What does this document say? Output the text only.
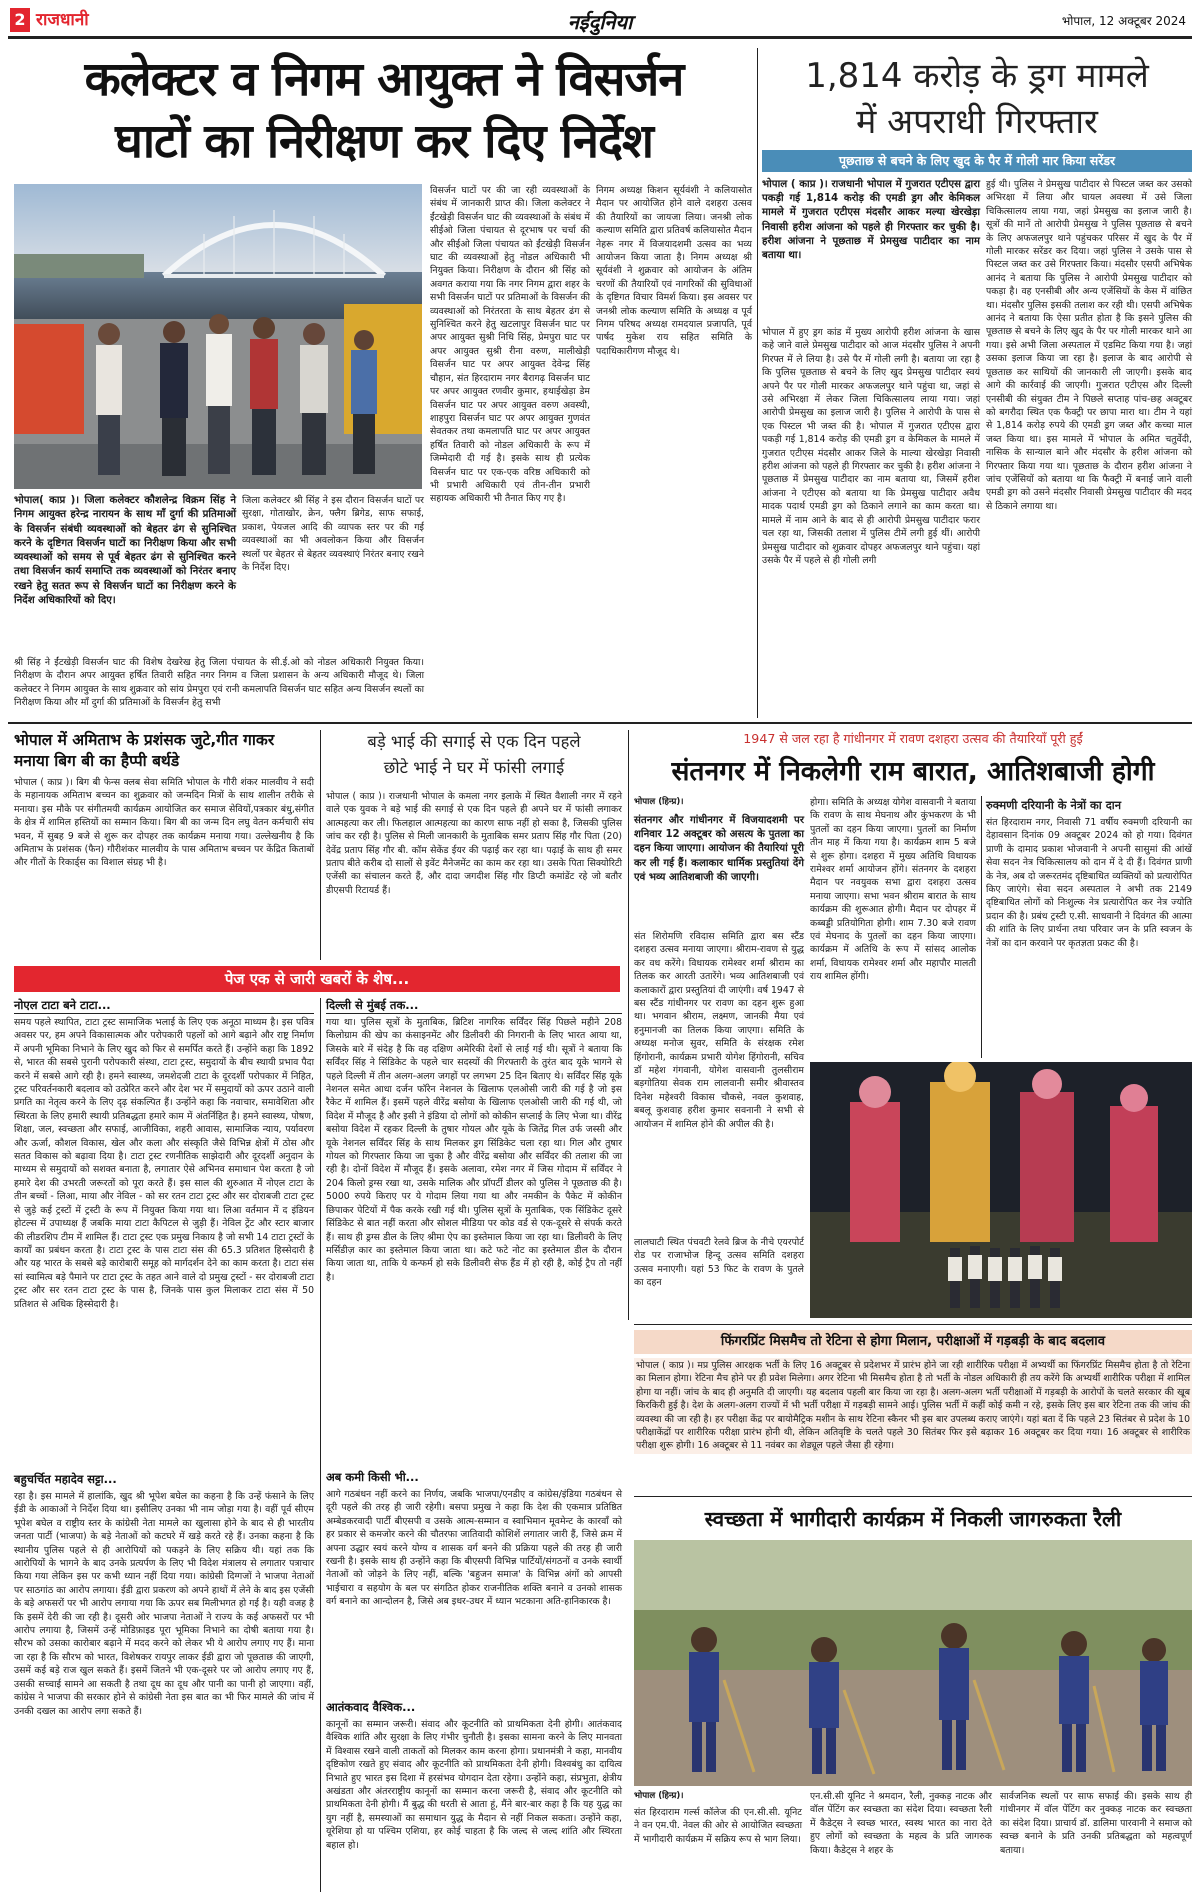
2 राजधानी	नईदुनिया	भोपाल, 12 अक्टूबर 2024
कलेक्टर व निगम आयुक्त ने विसर्जन
घाटों का निरीक्षण कर दिए निर्देश
भोपाल( काप्र )। जिला कलेक्टर कौशलेन्द्र विक्रम सिंह ने निगम आयुक्त हरेन्द्र नारायन के साथ माँ दुर्गा की प्रतिमाओं के विसर्जन संबंधी व्यवस्थाओं को बेहतर ढंग से सुनिश्चित करने के दृष्टिगत विसर्जन घाटों का निरीक्षण किया और सभी व्यवस्थाओं को समय से पूर्व बेहतर ढंग से सुनिश्चित करने तथा विसर्जन कार्य समाप्ति तक व्यवस्थाओं को निरंतर बनाए रखने हेतु सतत रूप से विसर्जन घाटों का निरीक्षण करने के निर्देश अधिकारियों को दिए।
जिला कलेक्टर श्री सिंह ने इस दौरान विसर्जन घाटों पर सुरक्षा, गोताखोर, क्रेन, फ्लैग ब्रिगेड, साफ सफाई, प्रकाश, पेयजल आदि की व्यापक स्तर पर की गई व्यवस्थाओं का भी अवलोकन किया और विसर्जन स्थलों पर बेहतर से बेहतर व्यवस्थाएं निरंतर बनाए रखने के निर्देश दिए।
श्री सिंह ने ईंटखेड़ी विसर्जन घाट की विशेष देखरेख हेतु जिला पंचायत के सी.ई.ओ को नोडल अधिकारी नियुक्त किया। निरीक्षण के दौरान अपर आयुक्त हर्षित तिवारी सहित नगर निगम व जिला प्रशासन के अन्य अधिकारी मौजूद थे। जिला कलेक्टर ने निगम आयुक्त के साथ शुक्रवार को सांय प्रेमपुरा एवं रानी कमलापति विसर्जन घाट सहित अन्य विसर्जन स्थलों का निरीक्षण किया और माँ दुर्गा की प्रतिमाओं के विसर्जन हेतु सभी
विसर्जन घाटों पर की जा रही व्यवस्थाओं के संबंध में जानकारी प्राप्त की। जिला कलेक्टर ने ईंटखेड़ी विसर्जन घाट की व्यवस्थाओं के संबंध में सीईओ जिला पंचायत से दूरभाष पर चर्चा की और सीईओ जिला पंचायत को ईंटखेड़ी विसर्जन घाट की व्यवस्थाओं हेतु नोडल अधिकारी भी नियुक्त किया। निरीक्षण के दौरान श्री सिंह को अवगत कराया गया कि नगर निगम द्वारा शहर के सभी विसर्जन घाटों पर प्रतिमाओं के विसर्जन की व्यवस्थाओं को निरंतरता के साथ बेहतर ढंग से सुनिश्चित करने हेतु खटलापुर विसर्जन घाट पर अपर आयुक्त सुश्री निधि सिंह, प्रेमपुरा घाट पर अपर आयुक्त सुश्री रीना वरुण, मालीखेड़ी विसर्जन घाट पर अपर आयुक्त देवेन्द्र सिंह चौहान, संत हिरदाराम नगर बैरागढ़ विसर्जन घाट पर अपर आयुक्त रणवीर कुमार, हथाईखेड़ा डेम विसर्जन घाट पर अपर आयुक्त वरुण अवस्थी, शाहपुरा विसर्जन घाट पर अपर आयुक्त गुणवंत सेवतकर तथा कमलापति घाट पर अपर आयुक्त हर्षित तिवारी को नोडल अधिकारी के रूप में जिम्मेदारी दी गई है। इसके साथ ही प्रत्येक विसर्जन घाट पर एक-एक वरिष्ठ अधिकारी को भी प्रभारी अधिकारी एवं तीन-तीन प्रभारी सहायक अधिकारी भी तैनात किए गए है।
निगम अध्यक्ष किशन सूर्यवंशी ने कलियासोत मैदान पर आयोजित होने वाले दशहरा उत्सव की तैयारियों का जायजा लिया। जनश्री लोक कल्याण समिति द्वारा प्रतिवर्ष कलियासोत मैदान नेहरू नगर में विजयादशमी उत्सव का भव्य आयोजन किया जाता है। निगम अध्यक्ष श्री सूर्यवंशी ने शुक्रवार को आयोजन के अंतिम चरणों की तैयारियों एवं नागरिकों की सुविधाओं के दृष्टिगत विचार विमर्श किया। इस अवसर पर जनश्री लोक कल्याण समिति के अध्यक्ष व पूर्व निगम परिषद अध्यक्ष रामदयाल प्रजापति, पूर्व पार्षद मुकेश राय सहित समिति के पदाधिकारीगण मौजूद थे।
1,814 करोड़ के ड्रग मामले
में अपराधी गिरफ्तार
पूछताछ से बचने के लिए खुद के पैर में गोली मार किया सरेंडर
भोपाल ( काप्र )। राजधानी भोपाल में गुजरात एटीएस द्वारा पकड़ी गई 1,814 करोड़ की एमडी ड्रग और केमिकल मामले में गुजरात एटीएस मंदसौर आकर मल्या खेरखेड़ा निवासी हरीश आंजना को पहले ही गिरफ्तार कर चुकी है। हरीश आंजना ने पूछताछ में प्रेमसुख पाटीदार का नाम बताया था।
भोपाल में हुए ड्रग कांड में मुख्य आरोपी हरीश आंजना के खास कहे जाने वाले प्रेमसुख पाटीदार को आज मंदसौर पुलिस ने अपनी गिरफ्त में ले लिया है। उसे पैर में गोली लगी है। बताया जा रहा है कि पुलिस पूछताछ से बचने के लिए खुद प्रेमसुख पाटीदार स्वयं अपने पैर पर गोली मारकर अफजलपुर थाने पहुंचा था, जहां से उसे अभिरक्षा में लेकर जिला चिकित्सालय लाया गया। जहां आरोपी प्रेमसुख का इलाज जारी है। पुलिस ने आरोपी के पास से एक पिस्टल भी जब्त की है। भोपाल में गुजरात एटीएस द्वारा पकड़ी गई 1,814 करोड़ की एमडी ड्रग व केमिकल के मामले में गुजरात एटीएस मंदसौर आकर जिले के माल्या खेरखेड़ा निवासी हरीश आंजना को पहले ही गिरफ्तार कर चुकी है। हरीश आंजना ने पूछताछ में प्रेमसुख पाटीदार का नाम बताया था, जिसमें हरीश आंजना ने एटीएस को बताया था कि प्रेमसुख पाटीदार अवैध मादक पदार्थ एमडी ड्रग को ठिकाने लगाने का काम करता था। मामले में नाम आने के बाद से ही आरोपी प्रेमसुख पाटीदार फरार चल रहा था, जिसकी तलाश में पुलिस टीमें लगी हुई थीं। आरोपी प्रेमसुख पाटीदार को शुक्रवार दोपहर अफजलपुर थाने पहुंचा। यहां उसके पैर में पहले से ही गोली लगी
हुई थी। पुलिस ने प्रेमसुख पाटीदार से पिस्टल जब्त कर उसको अभिरक्षा में लिया और घायल अवस्था में उसे जिला चिकित्सालय लाया गया, जहां प्रेमसुख का इलाज जारी है। सूत्रों की मानें तो आरोपी प्रेमसुख ने पुलिस पूछताछ से बचने के लिए अफजलपुर थाने पहुंचकर परिसर में खुद के पैर में गोली मारकर सरेंडर कर दिया। जहां पुलिस ने उसके पास से पिस्टल जब्त कर उसे गिरफ्तार किया। मंदसौर एसपी अभिषेक आनंद ने बताया कि पुलिस ने आरोपी प्रेमसुख पाटीदार को पकड़ा है। वह एनसीबी और अन्य एजेंसियों के केस में वांछित था। मंदसौर पुलिस इसकी तलाश कर रही थी। एसपी अभिषेक आनंद ने बताया कि ऐसा प्रतीत होता है कि इसने पुलिस की पूछताछ से बचने के लिए खुद के पैर पर गोली मारकर थाने आ गया। इसे अभी जिला अस्पताल में एडमिट किया गया है। जहां उसका इलाज किया जा रहा है। इलाज के बाद आरोपी से पूछताछ कर साथियों की जानकारी ली जाएगी। इसके बाद आगे की कार्रवाई की जाएगी। गुजरात एटीएस और दिल्ली एनसीबी की संयुक्त टीम ने पिछले सप्ताह पांच-छह अक्टूबर को बगरौदा स्थित एक फैक्ट्री पर छापा मारा था। टीम ने यहां से 1,814 करोड़ रुपये की एमडी ड्रग जब्त और कच्चा माल जब्त किया था। इस मामले में भोपाल के अमित चतुर्वेदी, नासिक के सान्याल बाने और मंदसौर के हरीश आंजना को गिरफ्तार किया गया था। पूछताछ के दौरान हरीश आंजना ने जांच एजेंसियों को बताया था कि फैक्ट्री में बनाई जाने वाली एमडी ड्रग को उसने मंदसौर निवासी प्रेमसुख पाटीदार की मदद से ठिकाने लगाया था।
भोपाल में अमिताभ के प्रशंसक जुटे,गीत गाकर मनाया बिग बी का हैप्पी बर्थडे
भोपाल ( काप्र )। बिग बी फेन्स क्लब सेवा समिति भोपाल के गौरी शंकर मालवीय ने सदी के महानायक अमिताभ बच्चन का शुक्रवार को जन्मदिन मित्रों के साथ शालीन तरीके से मनाया। इस मौके पर संगीतमयी कार्यक्रम आयोजित कर समाज सेवियों,पत्रकार बंधु,संगीत के क्षेत्र में शामिल हस्तियों का सम्मान किया। बिग बी का जन्म दिन लघु वेतन कर्मचारी संघ भवन, में सुबह 9 बजे से शुरू कर दोपहर तक कार्यक्रम मनाया गया। उल्लेखनीय है कि अमिताभ के प्रशंसक (फैन) गौरीशंकर मालवीय के पास अमिताभ बच्चन पर केंद्रित किताबों और गीतों के रिकार्ड्स का विशाल संग्रह भी है।
बड़े भाई की सगाई से एक दिन पहले
छोटे भाई ने घर में फांसी लगाई
भोपाल ( काप्र )। राजधानी भोपाल के कमला नगर इलाके में स्थित वैशाली नगर में रहने वाले एक युवक ने बड़े भाई की सगाई से एक दिन पहले ही अपने घर में फांसी लगाकर आत्महत्या कर ली। फिलहाल आत्महत्या का कारण साफ नहीं हो सका है, जिसकी पुलिस जांच कर रही है। पुलिस से मिली जानकारी के मुताबिक समर प्रताप सिंह गौर पिता (20) देवेंद्र प्रताप सिंह गौर बी. कॉम सेकेंड ईयर की पढ़ाई कर रहा था। पढ़ाई के साथ ही समर प्रताप बीते करीब दो सालों से इवेंट मैनेजमेंट का काम कर रहा था। उसके पिता सिक्योरिटी एजेंसी का संचालन करते हैं, और दादा जगदीश सिंह गौर डिप्टी कमांडेंट रहे जो बतौर डीएसपी रिटायर्ड हैं।
पेज एक से जारी खबरों के शेष...
नोएल टाटा बने टाटा...
समय पहले स्थापित, टाटा ट्रस्ट सामाजिक भलाई के लिए एक अनूठा माध्यम है। इस पवित्र अवसर पर, हम अपने विकासात्मक और परोपकारी पहलों को आगे बढ़ाने और राष्ट्र निर्माण में अपनी भूमिका निभाने के लिए खुद को फिर से समर्पित करते हैं। उन्होंने कहा कि 1892 से, भारत की सबसे पुरानी परोपकारी संस्था, टाटा ट्रस्ट, समुदायों के बीच स्थायी प्रभाव पैदा करने में सबसे आगे रही है। हमने स्वास्थ्य, जमशेदजी टाटा के दूरदर्शी परोपकार में निहित, ट्रस्ट परिवर्तनकारी बदलाव को उत्प्रेरित करने और देश भर में समुदायों को ऊपर उठाने वाली प्रगति का नेतृत्व करने के लिए दृढ़ संकल्पित हैं। उन्होंने कहा कि नवाचार, समावेशिता और स्थिरता के लिए हमारी स्थायी प्रतिबद्धता हमारे काम में अंतर्निहित है। हमने स्वास्थ्य, पोषण, शिक्षा, जल, स्वच्छता और सफाई, आजीविका, शहरी आवास, सामाजिक न्याय, पर्यावरण और ऊर्जा, कौशल विकास, खेल और कला और संस्कृति जैसे विभिन्न क्षेत्रों में ठोस और सतत विकास को बढ़ावा दिया है। टाटा ट्रस्ट रणनीतिक साझेदारी और दूरदर्शी अनुदान के माध्यम से समुदायों को सशक्त बनाता है, लगातार ऐसे अभिनव समाधान पेश करता है जो हमारे देश की उभरती जरूरतों को पूरा करते हैं। इस साल की शुरुआत में नोएल टाटा के तीन बच्चों - लिआ, माया और नेविल - को सर रतन टाटा ट्रस्ट और सर दोराबजी टाटा ट्रस्ट से जुड़े कई ट्रस्टों में ट्रस्टी के रूप में नियुक्त किया गया था। लिआ वर्तमान में द इंडियन होटल्स में उपाध्यक्ष हैं जबकि माया टाटा कैपिटल से जुड़ी हैं। नेविल ट्रेंट और स्टार बाजार की लीडरशिप टीम में शामिल हैं। टाटा ट्रस्ट एक प्रमुख निकाय है जो सभी 14 टाटा ट्रस्टों के कार्यों का प्रबंधन करता है। टाटा ट्रस्ट के पास टाटा संस की 65.3 प्रतिशत हिस्सेदारी है और यह भारत के सबसे बड़े कारोबारी समूह को मार्गदर्शन देने का काम करता है। टाटा संस सां स्वामित्व बड़े पैमाने पर टाटा ट्रस्ट के तहत आने वाले दो प्रमुख ट्रस्टों - सर दोराबजी टाटा ट्रस्ट और सर रतन टाटा ट्रस्ट के पास है, जिनके पास कुल मिलाकर टाटा संस में 50 प्रतिशत से अधिक हिस्सेदारी है।
बहुचर्चित महादेव सट्टा...
रहा है। इस मामले में हालांकि, खुद श्री भूपेश बघेल का कहना है कि उन्हें फंसाने के लिए ईडी के आकाओं ने निर्देश दिया था। इसीलिए उनका भी नाम जोड़ा गया है। वहीं पूर्व सीएम भूपेश बघेल व राष्ट्रीय स्तर के कांग्रेसी नेता मामले का खुलासा होने के बाद से ही भारतीय जनता पार्टी (भाजपा) के बड़े नेताओं को कटघरे में खड़े करते रहे हैं। उनका कहना है कि स्थानीय पुलिस पहले से ही आरोपियों को पकड़ने के लिए सक्रिय थी। यहां तक कि आरोपियों के भागने के बाद उनके प्रत्यर्पण के लिए भी विदेश मंत्रालय से लगातार पत्राचार किया गया लेकिन इस पर कभी ध्यान नहीं दिया गया। कांग्रेसी दिग्गजों ने भाजपा नेताओं पर साठगांठ का आरोप लगाया। ईडी द्वारा प्रकरण को अपने हाथों में लेने के बाद इस एजेंसी के बड़े अफसरों पर भी आरोप लगाया गया कि ऊपर सब मिलीभगत हो गई है। यही वजह है कि इसमें देरी की जा रही है। दूसरी ओर भाजपा नेताओं ने राज्य के कई अफसरों पर भी आरोप लगाया है, जिसमें उन्हें मोडिफ़ाइड पूरा भूमिका निभाने का दोषी बताया गया है। सौरभ को उसका कारोबार बढ़ाने में मदद करने को लेकर भी ये आरोप लगाए गए हैं। माना जा रहा है कि सौरभ को भारत, विशेषकर रायपुर लाकर ईडी द्वारा जो पूछताछ की जाएगी, उसमें कई बड़े राज खुल सकते हैं। इसमें जितने भी एक-दूसरे पर जो आरोप लगाए गए हैं, उसकी सच्चाई सामने आ सकती है तथा दूध का दूध और पानी का पानी हो जाएगा। वहीं, कांग्रेस ने भाजपा की सरकार होने से कांग्रेसी नेता इस बात का भी फिर मामले की जांच में उनकी दखल का आरोप लगा सकते हैं।
दिल्ली से मुंबई तक...
गया था। पुलिस सूत्रों के मुताबिक, ब्रिटिश नागरिक सर्विंदर सिंह पिछले महीने 208 किलोग्राम की खेप का कंसाइनमेंट और डिलीवरी की निगरानी के लिए भारत आया था, जिसके बारे में संदेह है कि वह दक्षिण अमेरिकी देशों से लाई गई थी। सूत्रों ने बताया कि सर्विंदर सिंह ने सिंडिकेट के पहले चार सदस्यों की गिरफ्तारी के तुरंत बाद यूके भागने से पहले दिल्ली में तीन अलग-अलग जगहों पर लगभग 25 दिन बिताए थे। सर्विंदर सिंह यूके नेशनल समेत आधा दर्जन फॉरेन नेशनल के खिलाफ एलओसी जारी की गई है जो इस रैकेट में शामिल हैं। इसमें पहले वीरेंद्र बसोया के खिलाफ एलओसी जारी की गई थी, जो विदेश में मौजूद है और इसी ने इंडिया दो लोगों को कोकीन सप्लाई के लिए भेजा था। वीरेंद्र बसोया विदेश में रहकर दिल्ली के तुषार गोयल और यूके के जितेंद्र गिल उर्फ जस्सी और यूके नेशनल सर्विंदर सिंह के साथ मिलकर ड्रग सिंडिकेट चला रहा था। गिल और तुषार गोयल को गिरफ्तार किया जा चुका है और वीरेंद्र बसोया और सर्विंदर की तलाश की जा रही है। दोनों विदेश में मौजूद हैं। इसके अलावा, रमेश नगर में जिस गोदाम में सर्विंदर ने 204 किलो ड्रग्स रखा था, उसके मालिक और प्रॉपर्टी डीलर को पुलिस ने पूछताछ की है। 5000 रुपये किराए पर ये गोदाम लिया गया था और नमकीन के पैकेट में कोकीन छिपाकर पेटियों में पैक करके रखी गई थी। पुलिस सूत्रों के मुताबिक, एक सिंडिकेट दूसरे सिंडिकेट से बात नहीं करता और सोशल मीडिया पर कोड वर्ड से एक-दूसरे से संपर्क करते हैं। साथ ही ड्रग्स डील के लिए श्रीमा ऐप का इस्तेमाल किया जा रहा था। डिलीवरी के लिए मर्सिडीज़ कार का इस्तेमाल किया जाता था। कटे फटे नोट का इस्तेमाल डील के दौरान किया जाता था, ताकि ये कन्फर्म हो सके डिलीवरी सेफ हैंड में हो रही है, कोई ट्रैप तो नहीं है।
अब कमी किसी भी...
आगे गठबंधन नहीं करने का निर्णय, जबकि भाजपा/एनडीए व कांग्रेस/इंडिया गठबंधन से दूरी पहले की तरह ही जारी रहेगी। बसपा प्रमुख ने कहा कि देश की एकमात्र प्रतिष्ठित अम्बेडकरवादी पार्टी बीएसपी व उसके आत्म-सम्मान व स्वाभिमान मूवमेन्ट के कारवाँ को हर प्रकार से कमजोर करने की चौतरफा जातिवादी कोशिशें लगातार जारी हैं, जिसे क्रम में अपना उद्धार स्वयं करने योग्य व शासक वर्ग बनने की प्रक्रिया पहले की तरह ही जारी रखनी है। इसके साथ ही उन्होंने कहा कि बीएसपी विभिन्न पार्टियों/संगठनों व उनके स्वार्थी नेताओं को जोड़ने के लिए नहीं, बल्कि 'बहुजन समाज' के विभिन्न अंगों को आपसी भाईचारा व सहयोग के बल पर संगठित होकर राजनीतिक शक्ति बनाने व उनको शासक वर्ग बनाने का आन्दोलन है, जिसे अब इधर-उधर में ध्यान भटकाना अति-हानिकारक है।
आतंकवाद वैश्विक...
कानूनों का सम्मान जरूरी। संवाद और कूटनीति को प्राथमिकता देनी होगी। आतंकवाद वैश्विक शांति और सुरक्षा के लिए गंभीर चुनौती है। इसका सामना करने के लिए मानवता में विश्वास रखने वाली ताकतों को मिलकर काम करना होगा। प्रधानमंत्री ने कहा, मानवीय दृष्टिकोण रखते हुए संवाद और कूटनीति को प्राथमिकता देनी होगी। विश्वबंधु का दायित्व निभाते हुए भारत इस दिशा में हरसंभव योगदान देता रहेगा। उन्होंने कहा, संप्रभुता, क्षेत्रीय अखंडता और अंतरराष्ट्रीय कानूनों का सम्मान करना जरूरी है, संवाद और कूटनीति को प्राथमिकता देनी होगी। मैं बुद्ध की धरती से आता हूं, मैंने बार-बार कहा है कि यह युद्ध का युग नहीं है, समस्याओं का समाधान युद्ध के मैदान से नहीं निकल सकता। उन्होंने कहा, यूरेशिया हो या पश्चिम एशिया, हर कोई चाहता है कि जल्द से जल्द शांति और स्थिरता बहाल हो।
1947 से जल रहा है गांधीनगर में रावण दशहरा उत्सव की तैयारियाँ पूरी हुईं
संतनगर में निकलेगी राम बारात, आतिशबाजी होगी
भोपाल (हिन्प्र)।
संतनगर और गांधीनगर में विजयादशमी पर शनिवार 12 अक्टूबर को असत्य के पुतला का दहन किया जाएगा। आयोजन की तैयारियां पूरी कर ली गई हैं। कलाकार धार्मिक प्रस्तुतियां देंगे एवं भव्य आतिशबाजी की जाएगी।
संत शिरोमणि रविदास समिति द्वारा बस स्टैंड दशहरा उत्सव मनाया जाएगा। श्रीराम-रावण से युद्ध कर वध करेंगे। विधायक रामेश्वर शर्मा श्रीराम का तिलक कर आरती उतारेंगे। भव्य आतिशबाजी एवं कलाकारों द्वारा प्रस्तुतियां दी जाएंगी। वर्ष 1947 से बस स्टैंड गांधीनगर पर रावण का दहन शुरू हुआ था। भगवान श्रीराम, लक्ष्मण, जानकी मैया एवं हनुमानजी का तिलक किया जाएगा। समिति के अध्यक्ष मनोज सुवर, समिति के संरक्षक रमेश हिंगोरानी, कार्यक्रम प्रभारी योगेश हिंगोरानी, सचिव डॉ महेश गंगवानी, योगेश वासवानी तुलसीराम बड़गोतिया सेवक राम लालवानी समीर श्रीवास्तव दिनेश महेश्वरी विकास चौकसे, नवल कुशवाह, बबलू कुशवाह हरीश कुमार सवनानी ने सभी से आयोजन में शामिल होने की अपील की है।
लालघाटी स्थित पंचवटी रेलवे ब्रिज के नीचे एयरपोर्ट रोड पर राजाभोज हिन्दू उत्सव समिति दशहरा उत्सव मनाएगी। यहां 53 फिट के रावण के पुतले का दहन
होगा। समिति के अध्यक्ष योगेश वासवानी ने बताया कि रावण के साथ मेघनाथ और कुंभकरण के भी पुतलों का दहन किया जाएगा। पुतलों का निर्माण तीन माह में किया गया है। कार्यक्रम शाम 5 बजे से शुरू होगा। दशहरा में मुख्य अतिथि विधायक रामेश्वर शर्मा आयोजन होंगे। संतनगर के दशहरा मैदान पर नवयुवक सभा द्वारा दशहरा उत्सव मनाया जाएगा। सभा भवन श्रीराम बारात के साथ कार्यक्रम की शुरूआत होगी। मैदान पर दोपहर में कब्बड्डी प्रतियोगिता होगी। शाम 7.30 बजे रावण एवं मेघनाद के पुतलों का दहन किया जाएगा। कार्यक्रम में अतिथि के रूप में सांसद आलोक शर्मा, विधायक रामेश्वर शर्मा और महापौर मालती राय शामिल होंगी।
रुक्मणी दरियानी के नेत्रों का दान
संत हिरदाराम नगर, निवासी 71 वर्षीय रुक्मणी दरियानी का देहावसान दिनांक 09 अक्टूबर 2024 को हो गया। दिवंगत प्राणी के दामाद प्रकाश भोजवानी ने अपनी सासुमां की आंखें सेवा सदन नेत्र चिकित्सालय को दान में दे दी हैं। दिवंगत प्राणी के नेत्र, अब दो जरूरतमंद दृष्टिबाधित व्यक्तियों को प्रत्यारोपित किए जाएंगे। सेवा सदन अस्पताल ने अभी तक 2149 दृष्टिबाधित लोगों को निःशुल्क नेत्र प्रत्यारोपित कर नेत्र ज्योति प्रदान की है। प्रबंध ट्रस्टी ए.सी. साधवानी ने दिवंगत की आत्मा की शांति के लिए प्रार्थना तथा परिवार जन के प्रति स्वजन के नेत्रों का दान करवाने पर कृतज्ञता प्रकट की है।
फिंगरप्रिंट मिसमैच तो रेटिना से होगा मिलान, परीक्षाओं में गड़बड़ी के बाद बदलाव
भोपाल ( काप्र )। मप्र पुलिस आरक्षक भर्ती के लिए 16 अक्टूबर से प्रदेशभर में प्रारंभ होने जा रही शारीरिक परीक्षा में अभ्यर्थी का फिंगरप्रिंट मिसमैच होता है तो रेटिना का मिलान होगा। रेटिना मैच होने पर ही प्रवेश मिलेगा। अगर रेटिना भी मिसमैच होता है तो भर्ती के नोडल अधिकारी ही तय करेंगे कि अभ्यर्थी शारीरिक परीक्षा में शामिल होगा या नहीं। जांच के बाद ही अनुमति दी जाएगी। यह बदलाव पहली बार किया जा रहा है। अलग-अलग भर्ती परीक्षाओं में गड़बड़ी के आरोपों के चलते सरकार की खूब किरकिरी हुई है। देश के अलग-अलग राज्यों में भी भर्ती परीक्षा में गड़बड़ी सामने आई। पुलिस भर्ती में कहीं कोई कमी न रहे, इसके लिए इस बार रेटिना तक की जांच की व्यवस्था की जा रही है। हर परीक्षा केंद्र पर बायोमैट्रिक मशीन के साथ रेटिना स्कैनर भी इस बार उपलब्ध कराए जाएंगे। यहां बता दें कि पहले 23 सितंबर से प्रदेश के 10 परीक्षाकेंद्रों पर शारीरिक परीक्षा प्रारंभ होनी थी, लेकिन अतिवृष्टि के चलते पहले 30 सितंबर फिर इसे बढ़ाकर 16 अक्टूबर कर दिया गया। 16 अक्टूबर से शारीरिक परीक्षा शुरू होगी। 16 अक्टूबर से 11 नवंबर का शेड्यूल पहले जैसा ही रहेगा।
स्वच्छता में भागीदारी कार्यक्रम में निकली जागरुकता रैली
भोपाल (हिन्प्र)।
संत हिरदाराम गर्ल्स कॉलेज की एन.सी.सी. यूनिट ने वन एम.पी. नेवल की ओर से आयोजित स्वच्छता में भागीदारी कार्यक्रम में सक्रिय रूप से भाग लिया।
एन.सी.सी यूनिट ने श्रमदान, रैली, नुक्कड़ नाटक और वॉल पेंटिंग कर स्वच्छता का संदेश दिया। स्वच्छता रैली में कैडेट्स ने स्वच्छ भारत, स्वस्थ भारत का नारा देते हुए लोगों को स्वच्छता के महत्व के प्रति जागरुक किया। कैडेट्स ने शहर के
सार्वजनिक स्थलों पर साफ सफाई की। इसके साथ ही गांधीनगर में वॉल पेंटिंग कर नुक्कड़ नाटक कर स्वच्छता का संदेश दिया। प्राचार्य डॉ. डालिमा पारवानी ने समाज को स्वच्छ बनाने के प्रति उनकी प्रतिबद्धता को महत्वपूर्ण बताया।
